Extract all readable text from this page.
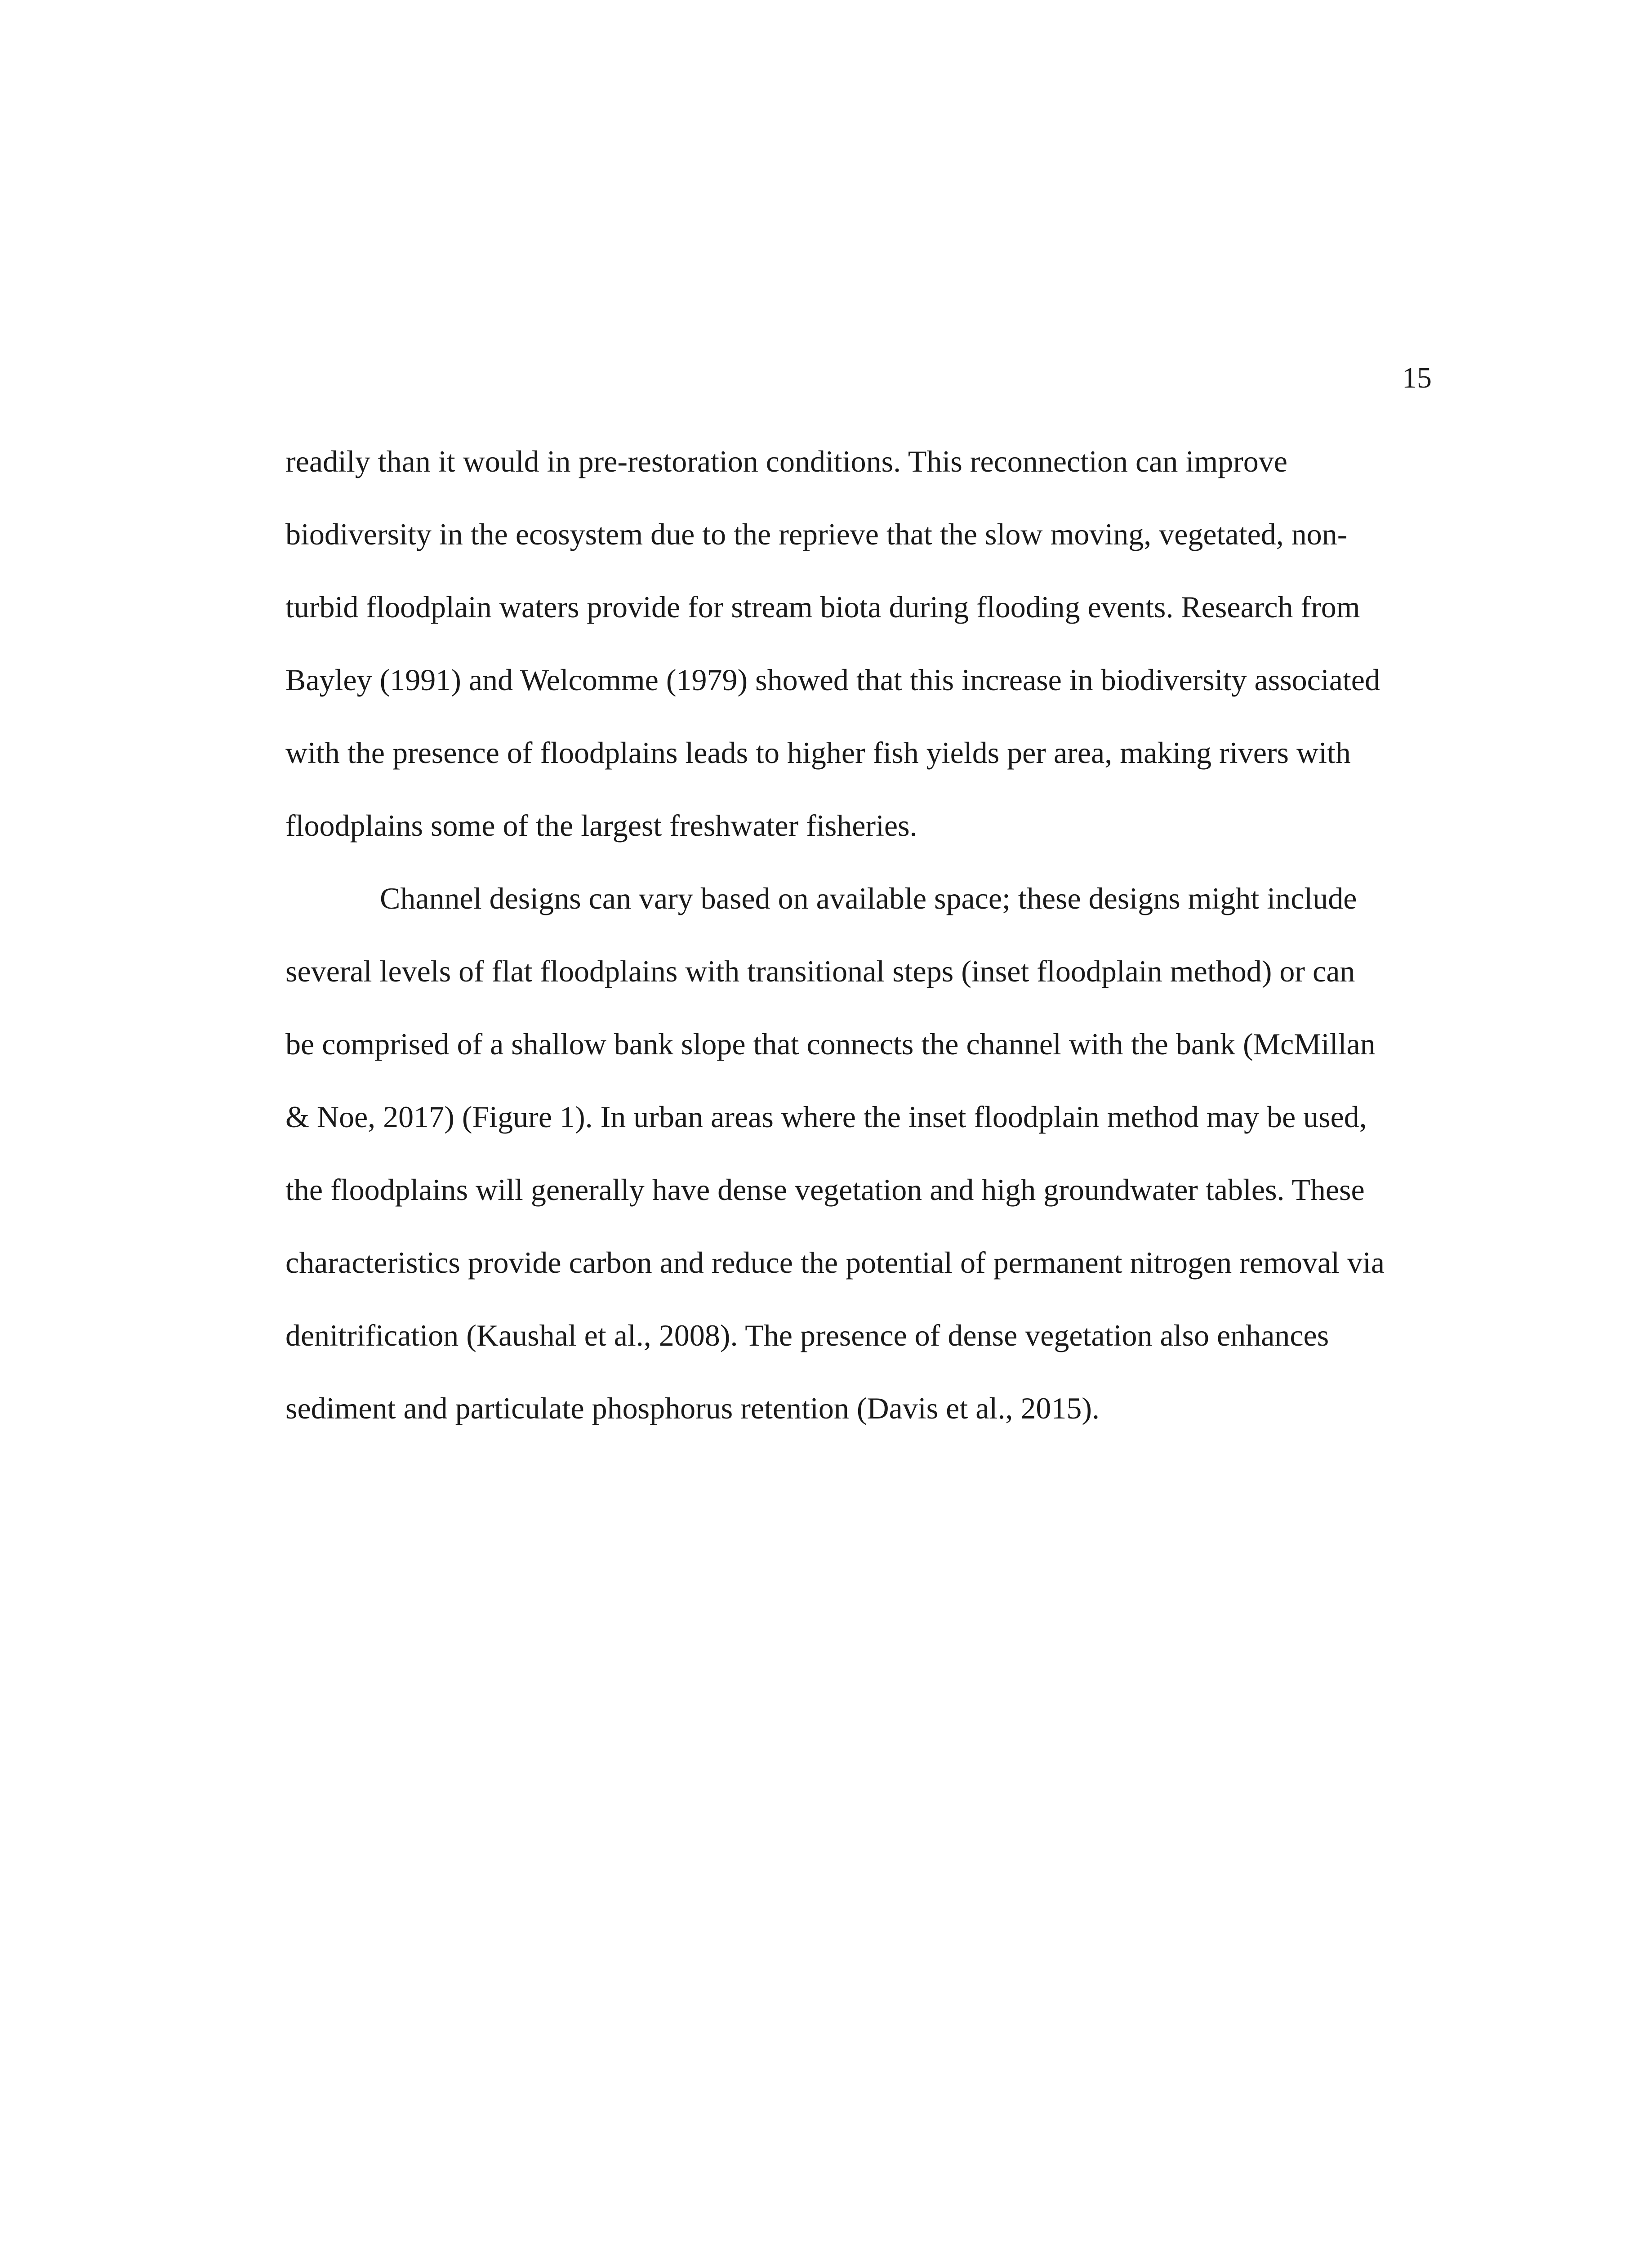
15
readily than it would in pre-restoration conditions. This reconnection can improve
biodiversity in the ecosystem due to the reprieve that the slow moving, vegetated, non-
turbid floodplain waters provide for stream biota during flooding events. Research from
Bayley (1991) and Welcomme (1979) showed that this increase in biodiversity associated
with the presence of floodplains leads to higher fish yields per area, making rivers with
floodplains some of the largest freshwater fisheries.
Channel designs can vary based on available space; these designs might include
several levels of flat floodplains with transitional steps (inset floodplain method) or can
be comprised of a shallow bank slope that connects the channel with the bank (McMillan
& Noe, 2017) (Figure 1). In urban areas where the inset floodplain method may be used,
the floodplains will generally have dense vegetation and high groundwater tables. These
characteristics provide carbon and reduce the potential of permanent nitrogen removal via
denitrification (Kaushal et al., 2008). The presence of dense vegetation also enhances
sediment and particulate phosphorus retention (Davis et al., 2015).
